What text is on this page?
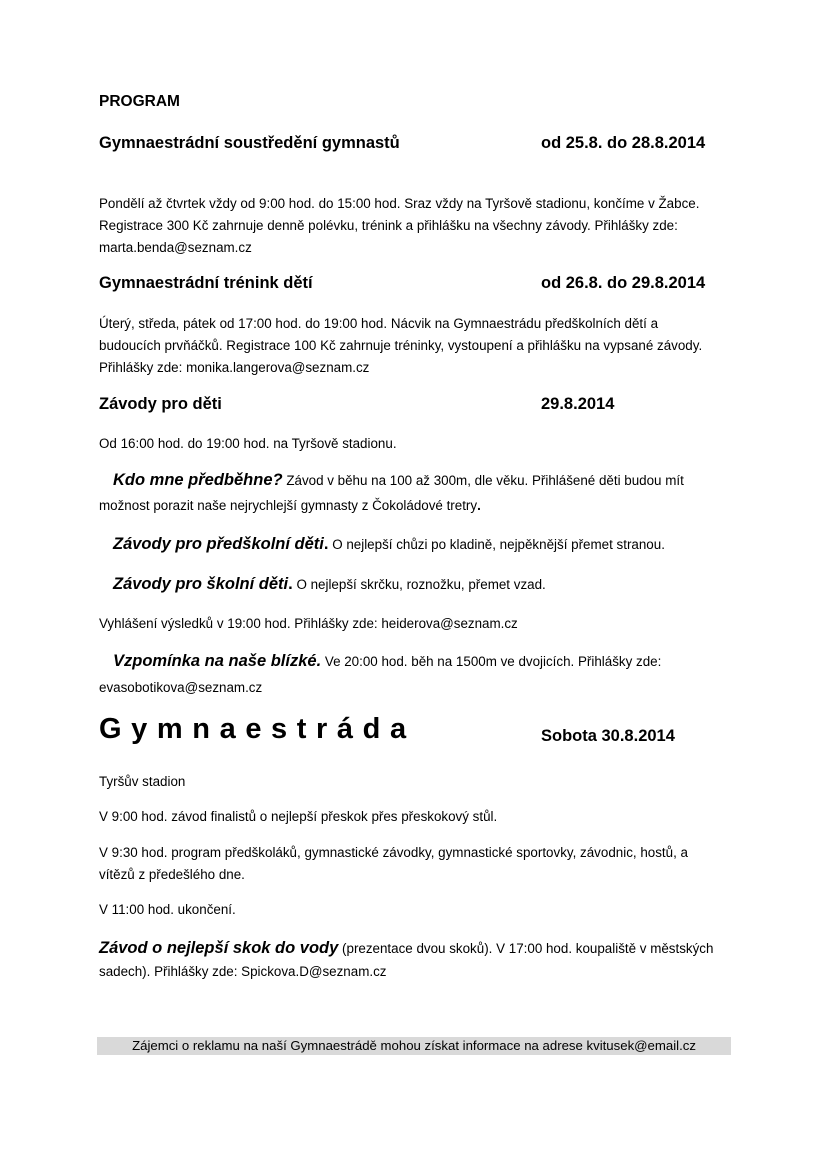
PROGRAM
Gymnaestrádní soustředění gymnastů	od 25.8. do 28.8.2014
Pondělí až čtvrtek vždy od 9:00 hod. do 15:00 hod. Sraz vždy na Tyršově stadionu, končíme v Žabce.
Registrace 300 Kč zahrnuje denně polévku, trénink a přihlášku na všechny závody. Přihlášky zde:
marta.benda@seznam.cz
Gymnaestrádní trénink dětí	od 26.8. do 29.8.2014
Úterý, středa, pátek od 17:00 hod. do 19:00 hod. Nácvik na Gymnaestrádu předškolních dětí a
budoucích prvňáčků. Registrace 100 Kč zahrnuje tréninky, vystoupení a přihlášku na vypsané závody.
Přihlášky zde: monika.langerova@seznam.cz
Závody pro děti	29.8.2014
Od 16:00 hod. do 19:00 hod. na Tyršově stadionu.
Kdo mne předběhne? Závod v běhu na 100 až 300m, dle věku. Přihlášené děti budou mít
možnost porazit naše nejrychlejší gymnasty z Čokoládové tretry.
Závody pro předškolní děti. O nejlepší chůzi po kladině, nejpěknější přemet stranou.
Závody pro školní děti. O nejlepší skrčku, roznožku, přemet vzad.
Vyhlášení výsledků v 19:00 hod. Přihlášky zde: heiderova@seznam.cz
Vzpomínka na naše blízké. Ve 20:00 hod. běh na 1500m ve dvojicích. Přihlášky zde:
evasobotikova@seznam.cz
Gymnaestráda	Sobota 30.8.2014
Tyršův stadion
V 9:00 hod. závod finalistů o nejlepší přeskok přes přeskokový stůl.
V 9:30 hod. program předškoláků, gymnastické závodky, gymnastické sportovky, závodnic, hostů, a
vítězů z předešlého dne.
V 11:00 hod. ukončení.
Závod o nejlepší skok do vody (prezentace dvou skoků). V 17:00 hod. koupaliště v městských
sadech). Přihlášky zde: Spickova.D@seznam.cz
Zájemci o reklamu na naší Gymnaestrádě mohou získat informace na adrese kvitusek@email.cz
